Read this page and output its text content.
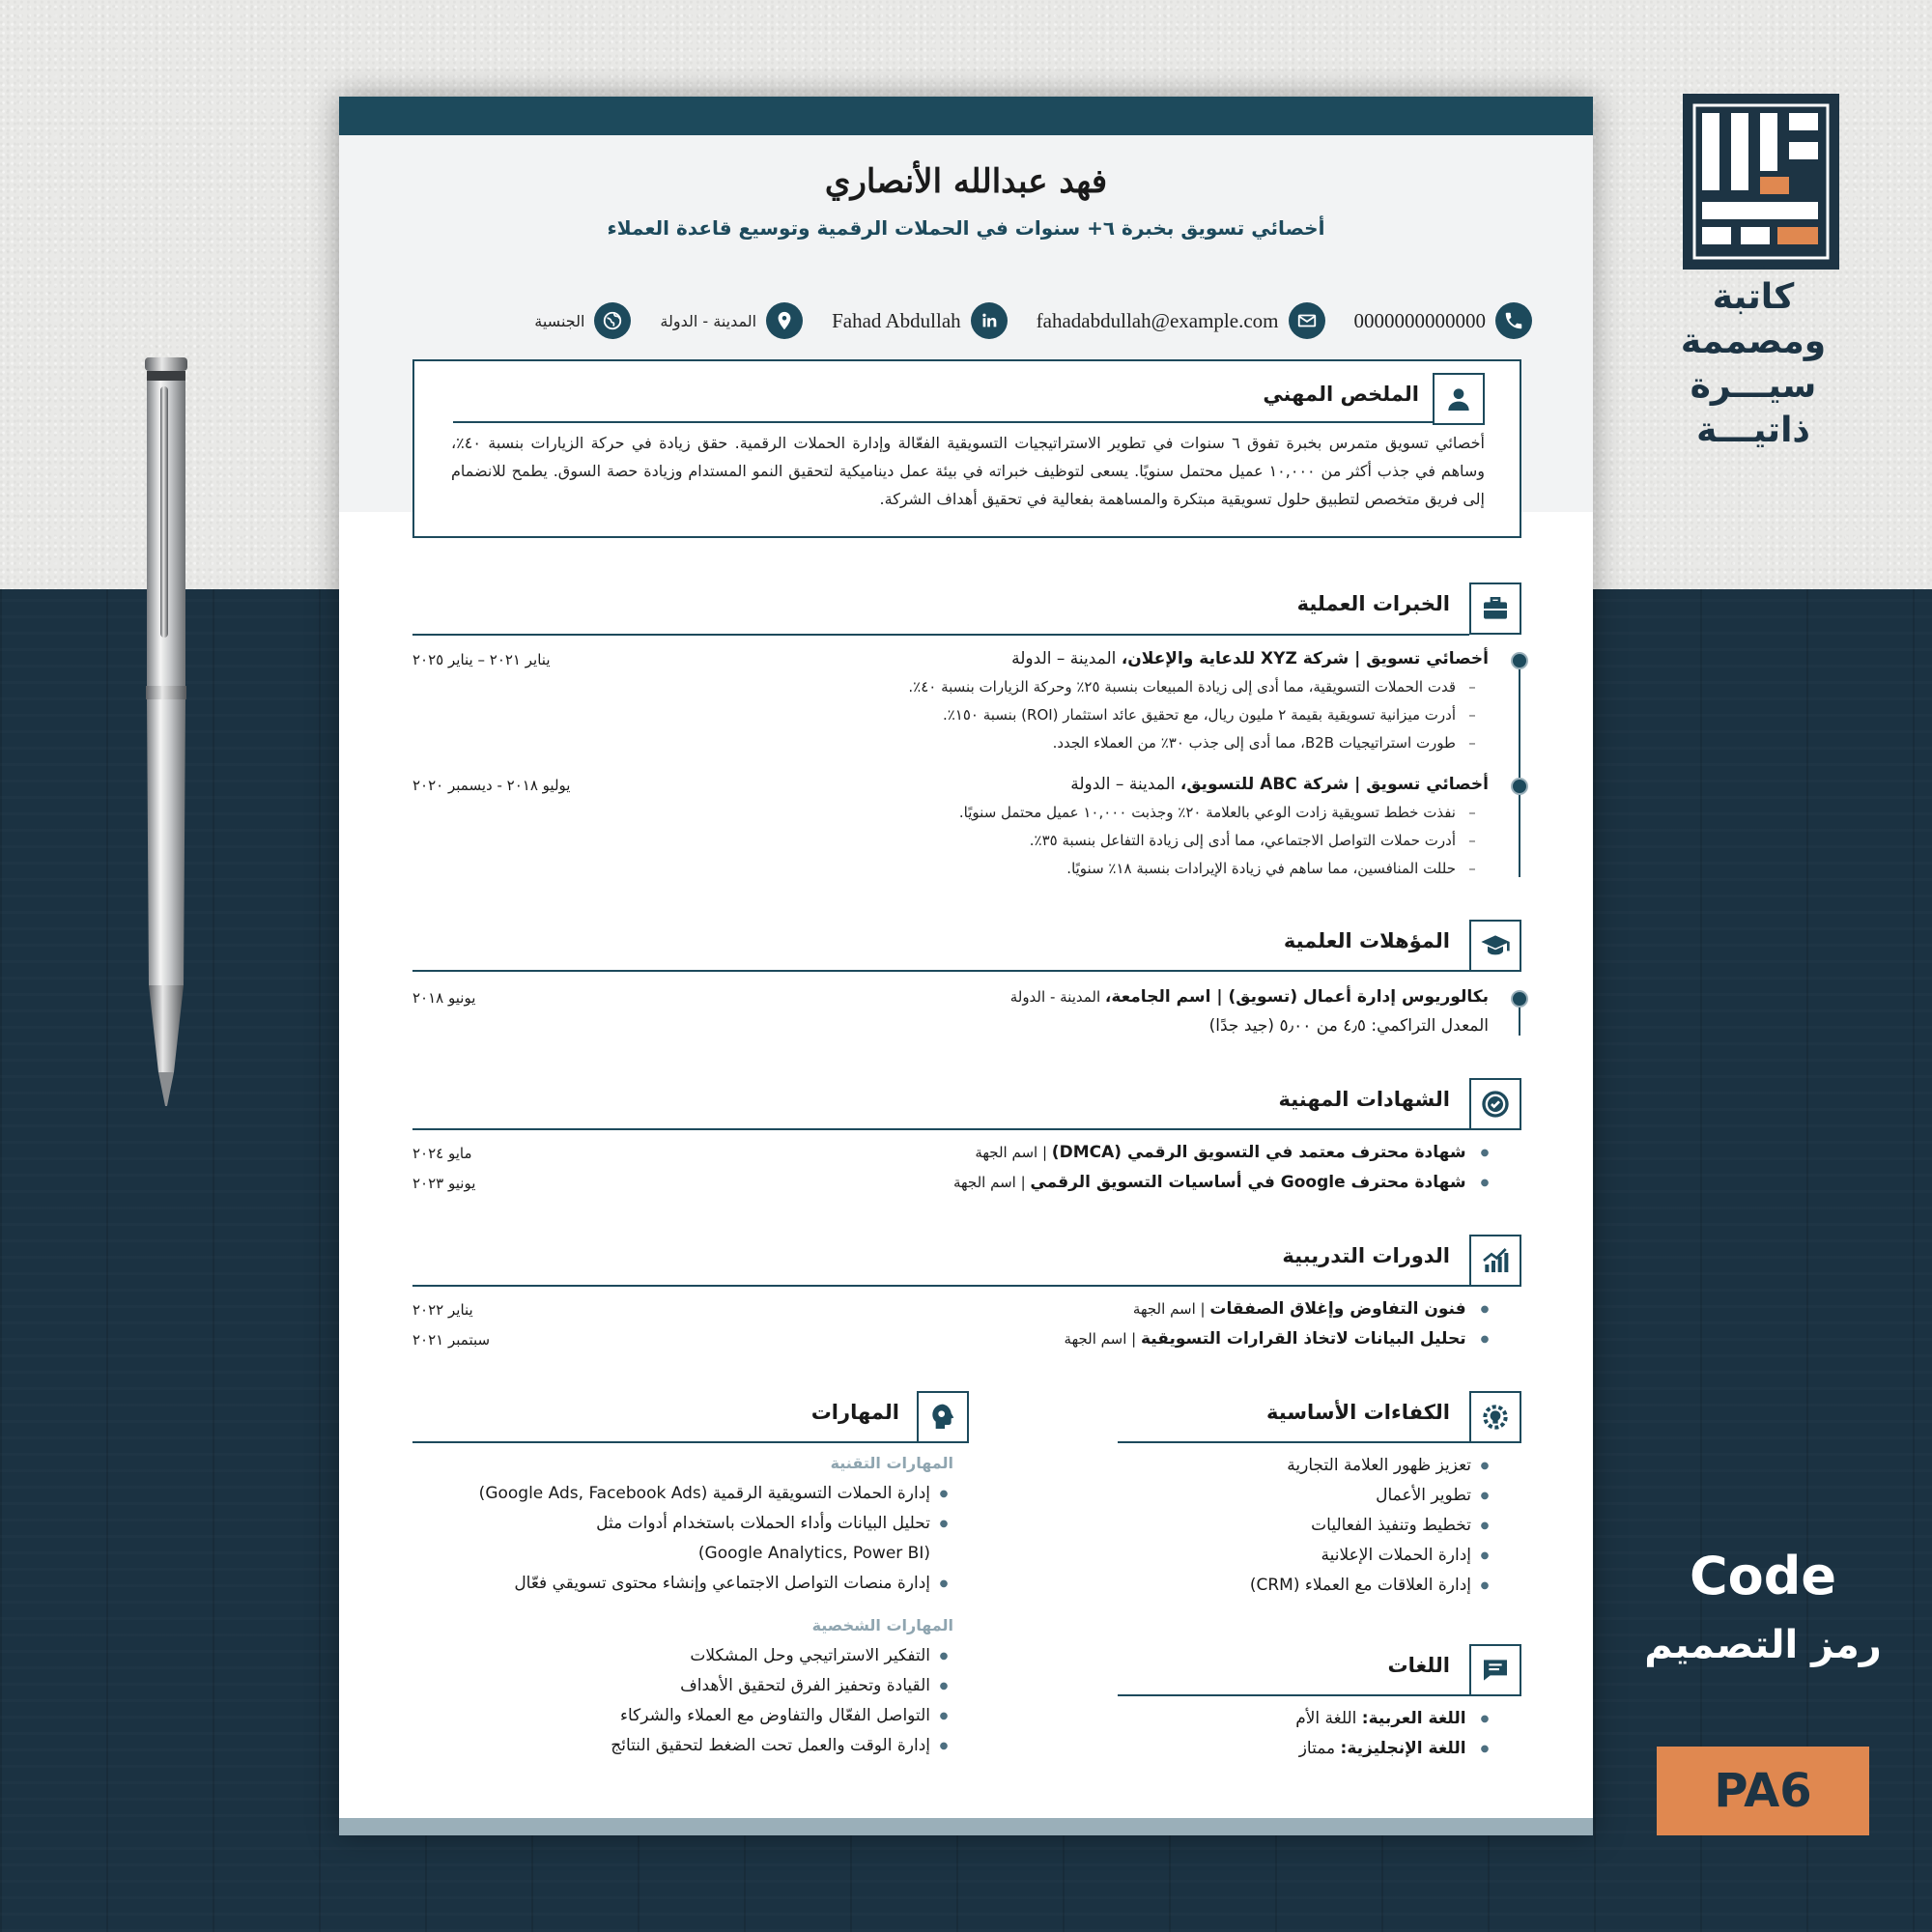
هاله سيد
كاتبة ومصممة
سيـــرة ذاتيـــة
Code
رمز التصميم
PA6
فهد عبدالله الأنصاري
أخصائي تسويق بخبرة ٦+ سنوات في الحملات الرقمية وتوسيع قاعدة العملاء
0000000000000
fahadabdullah@example.com
Fahad Abdullah
المدينة - الدولة
الجنسية
الملخص المهني
أخصائي تسويق متمرس بخبرة تفوق ٦ سنوات في تطوير الاستراتيجيات التسويقية الفعّالة وإدارة الحملات الرقمية. حقق زيادة في حركة الزيارات بنسبة ٤٠٪، وساهم في جذب أكثر من ١٠,٠٠٠ عميل محتمل سنويًا. يسعى لتوظيف خبراته في بيئة عمل ديناميكية لتحقيق النمو المستدام وزيادة حصة السوق. يطمح للانضمام إلى فريق متخصص لتطبيق حلول تسويقية مبتكرة والمساهمة بفعالية في تحقيق أهداف الشركة.
الخبرات العملية
أخصائي تسويق | شركة XYZ للدعاية والإعلان، المدينة – الدولة
يناير ٢٠٢١ – يناير ٢٠٢٥
– قدت الحملات التسويقية، مما أدى إلى زيادة المبيعات بنسبة ٢٥٪ وحركة الزيارات بنسبة ٤٠٪.
– أدرت ميزانية تسويقية بقيمة ٢ مليون ريال، مع تحقيق عائد استثمار (ROI) بنسبة ١٥٠٪.
– طورت استراتيجيات B2B، مما أدى إلى جذب ٣٠٪ من العملاء الجدد.
أخصائي تسويق | شركة ABC للتسويق، المدينة – الدولة
يوليو ٢٠١٨ - ديسمبر ٢٠٢٠
– نفذت خطط تسويقية زادت الوعي بالعلامة ٢٠٪ وجذبت ١٠,٠٠٠ عميل محتمل سنويًا.
– أدرت حملات التواصل الاجتماعي، مما أدى إلى زيادة التفاعل بنسبة ٣٥٪.
– حللت المنافسين، مما ساهم في زيادة الإيرادات بنسبة ١٨٪ سنويًا.
المؤهلات العلمية
بكالوريوس إدارة أعمال (تسويق) | اسم الجامعة، المدينة - الدولة
يونيو ٢٠١٨
المعدل التراكمي: ٤٫٥ من ٥٫٠٠ (جيد جدًا)
الشهادات المهنية
● شهادة محترف معتمد في التسويق الرقمي (DMCA) | اسم الجهة
مايو ٢٠٢٤
● شهادة محترف Google في أساسيات التسويق الرقمي | اسم الجهة
يونيو ٢٠٢٣
الدورات التدريبية
● فنون التفاوض وإغلاق الصفقات | اسم الجهة
يناير ٢٠٢٢
● تحليل البيانات لاتخاذ القرارات التسويقية | اسم الجهة
سبتمبر ٢٠٢١
الكفاءات الأساسية
● تعزيز ظهور العلامة التجارية
● تطوير الأعمال
● تخطيط وتنفيذ الفعاليات
● إدارة الحملات الإعلانية
● إدارة العلاقات مع العملاء (CRM)
اللغات
● اللغة العربية: اللغة الأم
● اللغة الإنجليزية: ممتاز
المهارات
المهارات التقنية
● إدارة الحملات التسويقية الرقمية (Google Ads, Facebook Ads)
● تحليل البيانات وأداء الحملات باستخدام أدوات مثل
(Google Analytics, Power BI)
● إدارة منصات التواصل الاجتماعي وإنشاء محتوى تسويقي فعّال
المهارات الشخصية
● التفكير الاستراتيجي وحل المشكلات
● القيادة وتحفيز الفرق لتحقيق الأهداف
● التواصل الفعّال والتفاوض مع العملاء والشركاء
● إدارة الوقت والعمل تحت الضغط لتحقيق النتائج
